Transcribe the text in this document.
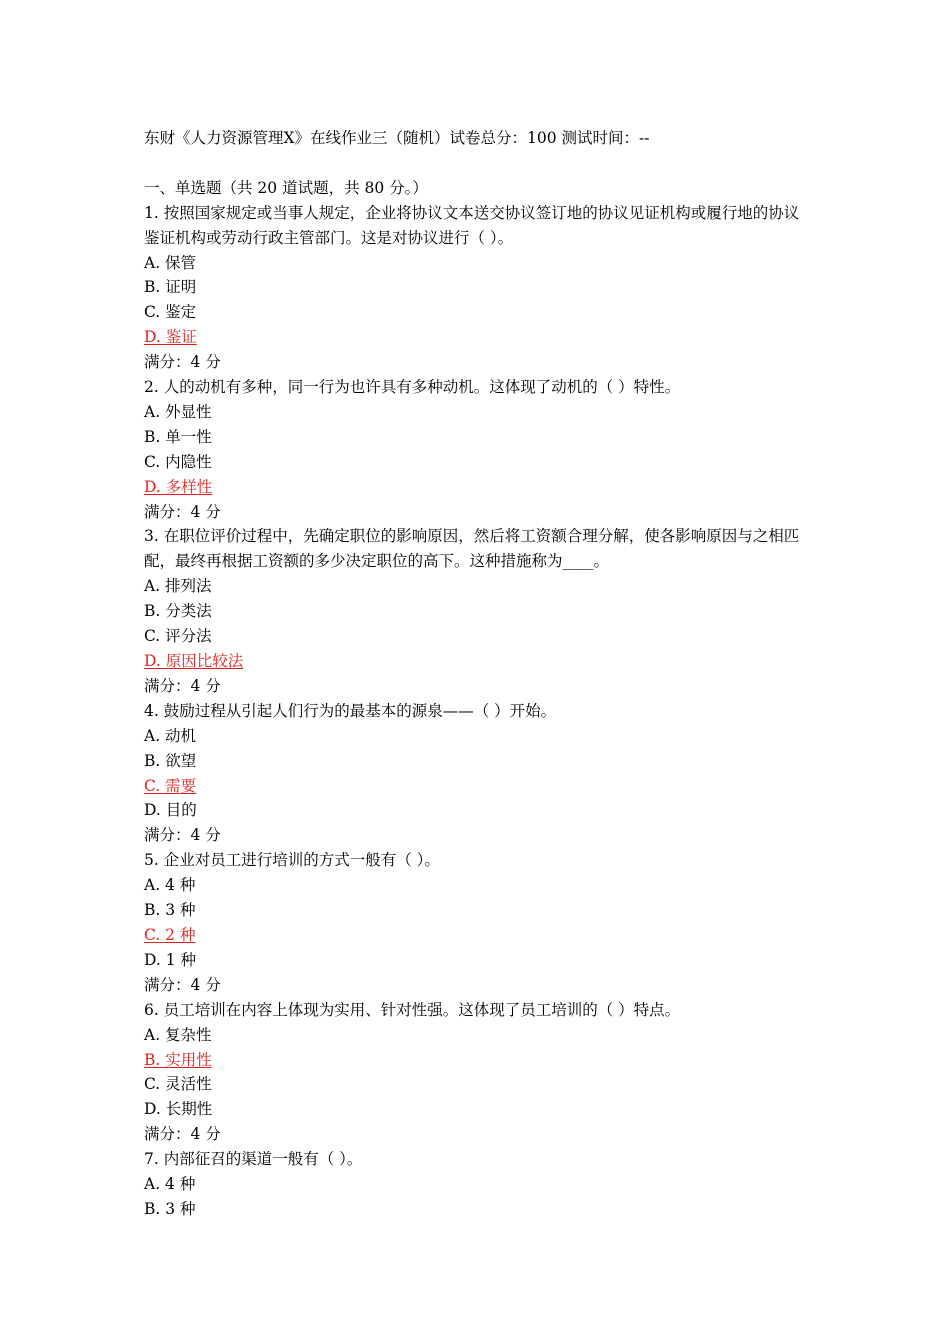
东财《人力资源管理X》在线作业三（随机）试卷总分：100 测试时间：--
一、单选题（共 20 道试题，共 80 分。）
1. 按照国家规定或当事人规定，企业将协议文本送交协议签订地的协议见证机构或履行地的协议鉴证机构或劳动行政主管部门。这是对协议进行（ ）。
A. 保管
B. 证明
C. 鉴定
D. 鉴证
满分：4 分
2. 人的动机有多种，同一行为也许具有多种动机。这体现了动机的（ ）特性。
A. 外显性
B. 单一性
C. 内隐性
D. 多样性
满分：4 分
3. 在职位评价过程中，先确定职位的影响原因，然后将工资额合理分解，使各影响原因与之相匹配，最终再根据工资额的多少决定职位的高下。这种措施称为____。
A. 排列法
B. 分类法
C. 评分法
D. 原因比较法
满分：4 分
4. 鼓励过程从引起人们行为的最基本的源泉——（ ）开始。
A. 动机
B. 欲望
C. 需要
D. 目的
满分：4 分
5. 企业对员工进行培训的方式一般有（ ）。
A. 4 种
B. 3 种
C. 2 种
D. 1 种
满分：4 分
6. 员工培训在内容上体现为实用、针对性强。这体现了员工培训的（ ）特点。
A. 复杂性
B. 实用性
C. 灵活性
D. 长期性
满分：4 分
7. 内部征召的渠道一般有（ ）。
A. 4 种
B. 3 种
